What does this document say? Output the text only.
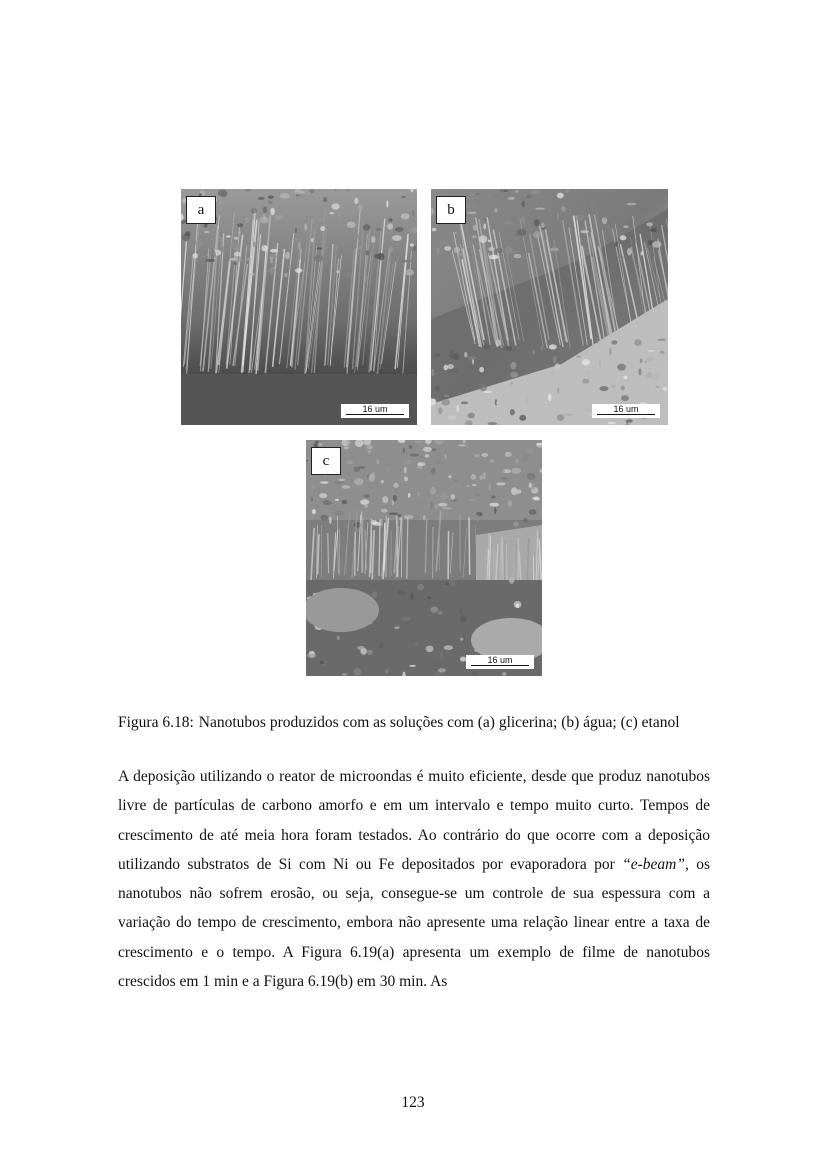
a
16 um
b
16 um
c
16 um
Figura 6.18: Nanotubos produzidos com as soluções com (a) glicerina; (b) água; (c) etanol

A deposição utilizando o reator de microondas é muito eficiente, desde que produz nanotubos livre de partículas de carbono amorfo e em um intervalo e tempo muito curto. Tempos de crescimento de até meia hora foram testados. Ao contrário do que ocorre com a deposição utilizando substratos de Si com Ni ou Fe depositados por evaporadora por “e-beam”, os nanotubos não sofrem erosão, ou seja, consegue-se um controle de sua espessura com a variação do tempo de crescimento, embora não apresente uma relação linear entre a taxa de crescimento e o tempo. A Figura 6.19(a) apresenta um exemplo de filme de nanotubos crescidos em 1 min e a Figura 6.19(b) em 30 min. As

123
